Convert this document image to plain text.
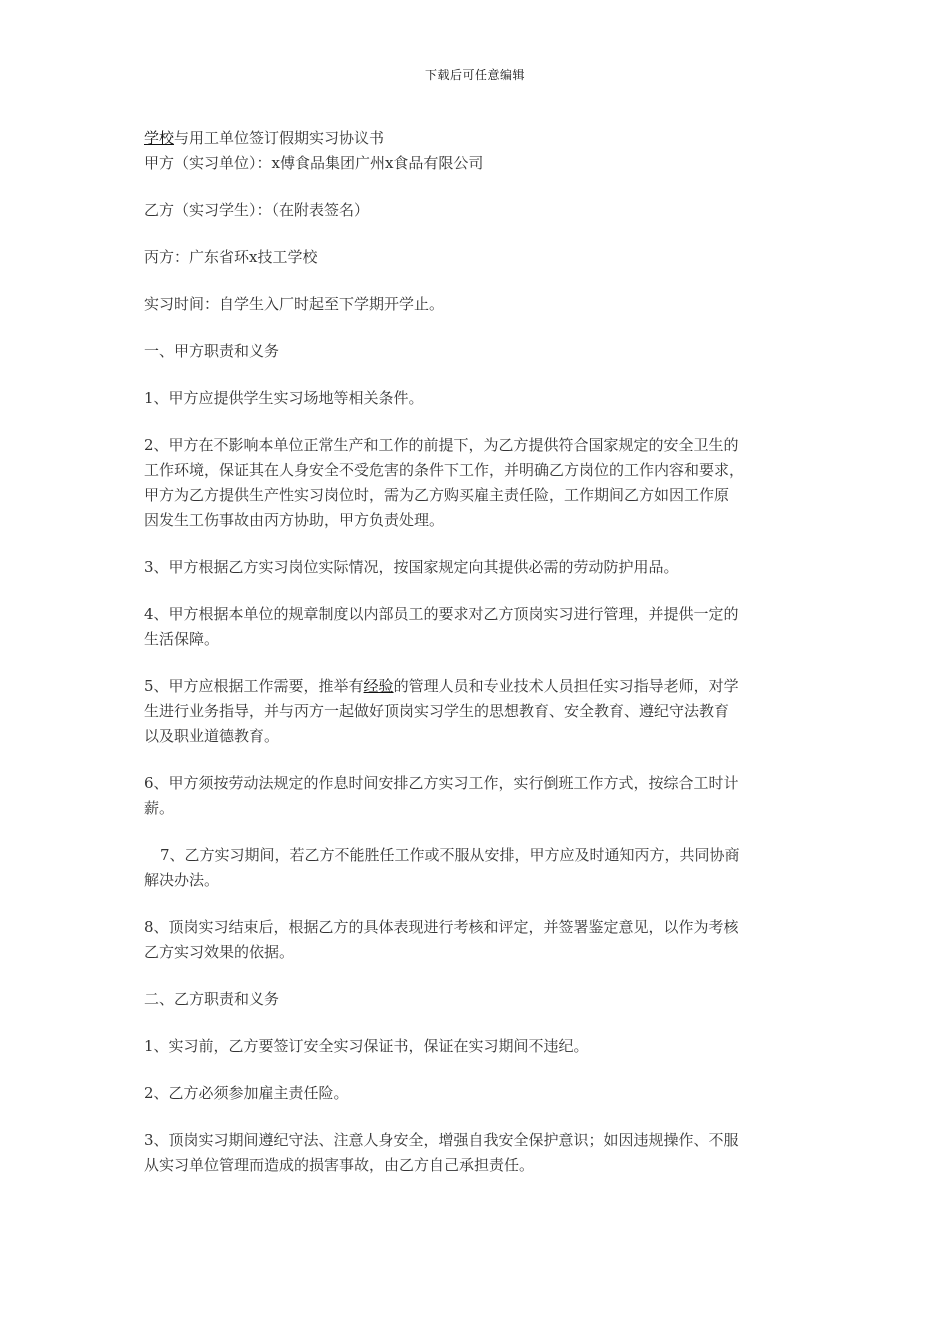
下载后可任意编辑
学校与用工单位签订假期实习协议书
甲方（实习单位）：x傅食品集团广州x食品有限公司
乙方（实习学生）：（在附表签名）
丙方：广东省环x技工学校
实习时间：自学生入厂时起至下学期开学止。
一、甲方职责和义务
1、甲方应提供学生实习场地等相关条件。
2、甲方在不影响本单位正常生产和工作的前提下，为乙方提供符合国家规定的安全卫生的
工作环境，保证其在人身安全不受危害的条件下工作，并明确乙方岗位的工作内容和要求，
甲方为乙方提供生产性实习岗位时，需为乙方购买雇主责任险，工作期间乙方如因工作原
因发生工伤事故由丙方协助，甲方负责处理。
3、甲方根据乙方实习岗位实际情况，按国家规定向其提供必需的劳动防护用品。
4、甲方根据本单位的规章制度以内部员工的要求对乙方顶岗实习进行管理，并提供一定的
生活保障。
5、甲方应根据工作需要，推举有经验的管理人员和专业技术人员担任实习指导老师，对学
生进行业务指导，并与丙方一起做好顶岗实习学生的思想教育、安全教育、遵纪守法教育
以及职业道德教育。
6、甲方须按劳动法规定的作息时间安排乙方实习工作，实行倒班工作方式，按综合工时计
薪。
7、乙方实习期间，若乙方不能胜任工作或不服从安排，甲方应及时通知丙方，共同协商
解决办法。
8、顶岗实习结束后，根据乙方的具体表现进行考核和评定，并签署鉴定意见，以作为考核
乙方实习效果的依据。
二、乙方职责和义务
1、实习前，乙方要签订安全实习保证书，保证在实习期间不违纪。
2、乙方必须参加雇主责任险。
3、顶岗实习期间遵纪守法、注意人身安全，增强自我安全保护意识；如因违规操作、不服
从实习单位管理而造成的损害事故，由乙方自己承担责任。
